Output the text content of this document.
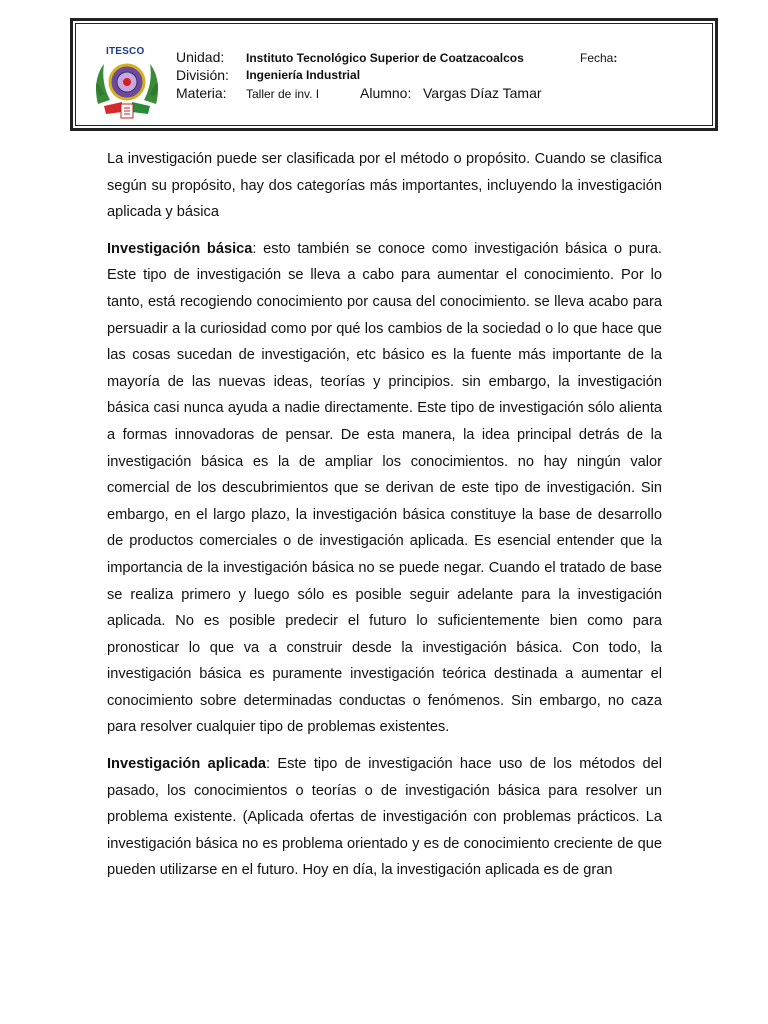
ITESCO Unidad: Instituto Tecnológico Superior de Coatzacoalcos
División: Ingeniería Industrial
Materia: Taller de inv. I	Alumno: Vargas Díaz Tamar
Fecha:

La investigación puede ser clasificada por el método o propósito. Cuando se clasifica según su propósito, hay dos categorías más importantes, incluyendo la investigación aplicada y básica

Investigación básica: esto también se conoce como investigación básica o pura. Este tipo de investigación se lleva a cabo para aumentar el conocimiento. Por lo tanto, está recogiendo conocimiento por causa del conocimiento. se lleva acabo para persuadir a la curiosidad como por qué los cambios de la sociedad o lo que hace que las cosas sucedan de investigación, etc básico es la fuente más importante de la mayoría de las nuevas ideas, teorías y principios. sin embargo, la investigación básica casi nunca ayuda a nadie directamente. Este tipo de investigación sólo alienta a formas innovadoras de pensar. De esta manera, la idea principal detrás de la investigación básica es la de ampliar los conocimientos. no hay ningún valor comercial de los descubrimientos que se derivan de este tipo de investigación. Sin embargo, en el largo plazo, la investigación básica constituye la base de desarrollo de productos comerciales o de investigación aplicada. Es esencial entender que la importancia de la investigación básica no se puede negar. Cuando el tratado de base se realiza primero y luego sólo es posible seguir adelante para la investigación aplicada. No es posible predecir el futuro lo suficientemente bien como para pronosticar lo que va a construir desde la investigación básica. Con todo, la investigación básica es puramente investigación teórica destinada a aumentar el conocimiento sobre determinadas conductas o fenómenos. Sin embargo, no caza para resolver cualquier tipo de problemas existentes.

Investigación aplicada: Este tipo de investigación hace uso de los métodos del pasado, los conocimientos o teorías o de investigación básica para resolver un problema existente. (Aplicada ofertas de investigación con problemas prácticos. La investigación básica no es problema orientado y es de conocimiento creciente de que pueden utilizarse en el futuro. Hoy en día, la investigación aplicada es de gran
